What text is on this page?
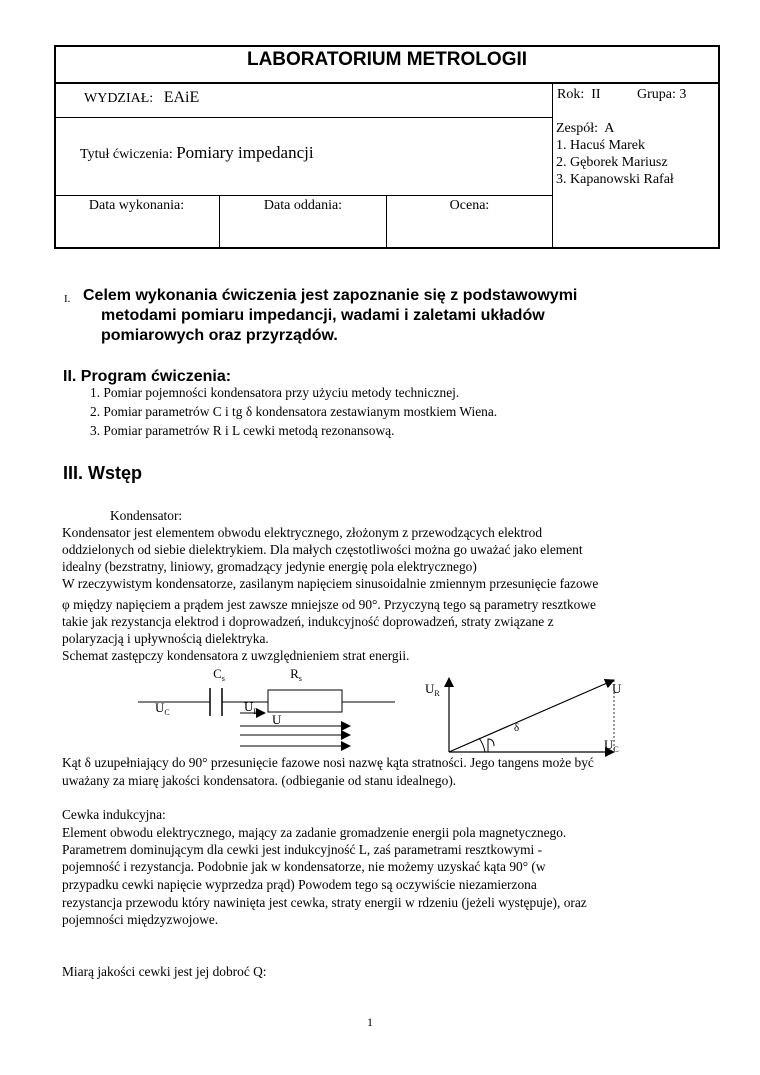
LABORATORIUM METROLOGII
WYDZIAŁ: EAiE	Rok: II	Grupa: 3
Tytuł ćwiczenia: Pomiary impedancji
Zespół: A
1. Hacuś Marek
2. Gęborek Mariusz
3. Kapanowski Rafał
Data wykonania:	Data oddania:	Ocena:
I. Celem wykonania ćwiczenia jest zapoznanie się z podstawowymi
metodami pomiaru impedancji, wadami i zaletami układów
pomiarowych oraz przyrządów.
II. Program ćwiczenia:
1. Pomiar pojemności kondensatora przy użyciu metody technicznej.
2. Pomiar parametrów C i tg δ kondensatora zestawianym mostkiem Wiena.
3. Pomiar parametrów R i L cewki metodą rezonansową.
III. Wstęp
Kondensator:
Kondensator jest elementem obwodu elektrycznego, złożonym z przewodzących elektrod
oddzielonych od siebie dielektrykiem. Dla małych częstotliwości można go uważać jako element
idealny (bezstratny, liniowy, gromadzący jedynie energię pola elektrycznego)
W rzeczywistym kondensatorze, zasilanym napięciem sinusoidalnie zmiennym przesunięcie fazowe
φ między napięciem a prądem jest zawsze mniejsze od 90°. Przyczyną tego są parametry resztkowe
takie jak rezystancja elektrod i doprowadzeń, indukcyjność doprowadzeń, straty związane z
polaryzacją i upływnością dielektryka.
Schemat zastępczy kondensatora z uwzględnieniem strat energii.
$C_s$	$R_s$
$U_C$	$U_R$
U
$U_R$	U
$U_C$
δ
Kąt δ uzupełniający do 90° przesunięcie fazowe nosi nazwę kąta stratności. Jego tangens może być
uważany za miarę jakości kondensatora. (odbieganie od stanu idealnego).
Cewka indukcyjna:
Element obwodu elektrycznego, mający za zadanie gromadzenie energii pola magnetycznego.
Parametrem dominującym dla cewki jest indukcyjność L, zaś parametrami resztkowymi -
pojemność i rezystancja. Podobnie jak w kondensatorze, nie możemy uzyskać kąta 90° (w
przypadku cewki napięcie wyprzedza prąd) Powodem tego są oczywiście niezamierzona
rezystancja przewodu który nawinięta jest cewka, straty energii w rdzeniu (jeżeli występuje), oraz
pojemności międzyzwojowe.
Miarą jakości cewki jest jej dobroć Q:
1
